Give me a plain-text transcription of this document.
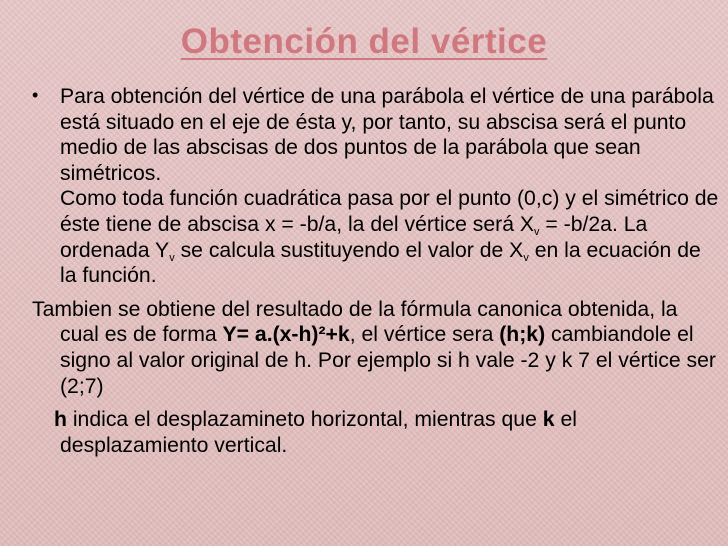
Obtención del vértice
• Para obtención del vértice de una parábola el vértice de una parábola está situado en el eje de ésta y, por tanto, su abscisa será el punto medio de las abscisas de dos puntos de la parábola que sean simétricos.
Como toda función cuadrática pasa por el punto (0,c) y el simétrico de éste tiene de abscisa x = -b/a, la del vértice será $X_v = -b/2a$. La ordenada $Y_v$ se calcula sustituyendo el valor de $X_v$ en la ecuación de la función.
Tambien se obtiene del resultado de la fórmula canonica obtenida, la cual es de forma Y= a.(x-h)²+k, el vértice sera (h;k) cambiandole el signo al valor original de h. Por ejemplo si h vale -2 y k 7 el vértice ser (2;7)
h indica el desplazamineto horizontal, mientras que k el desplazamiento vertical.
